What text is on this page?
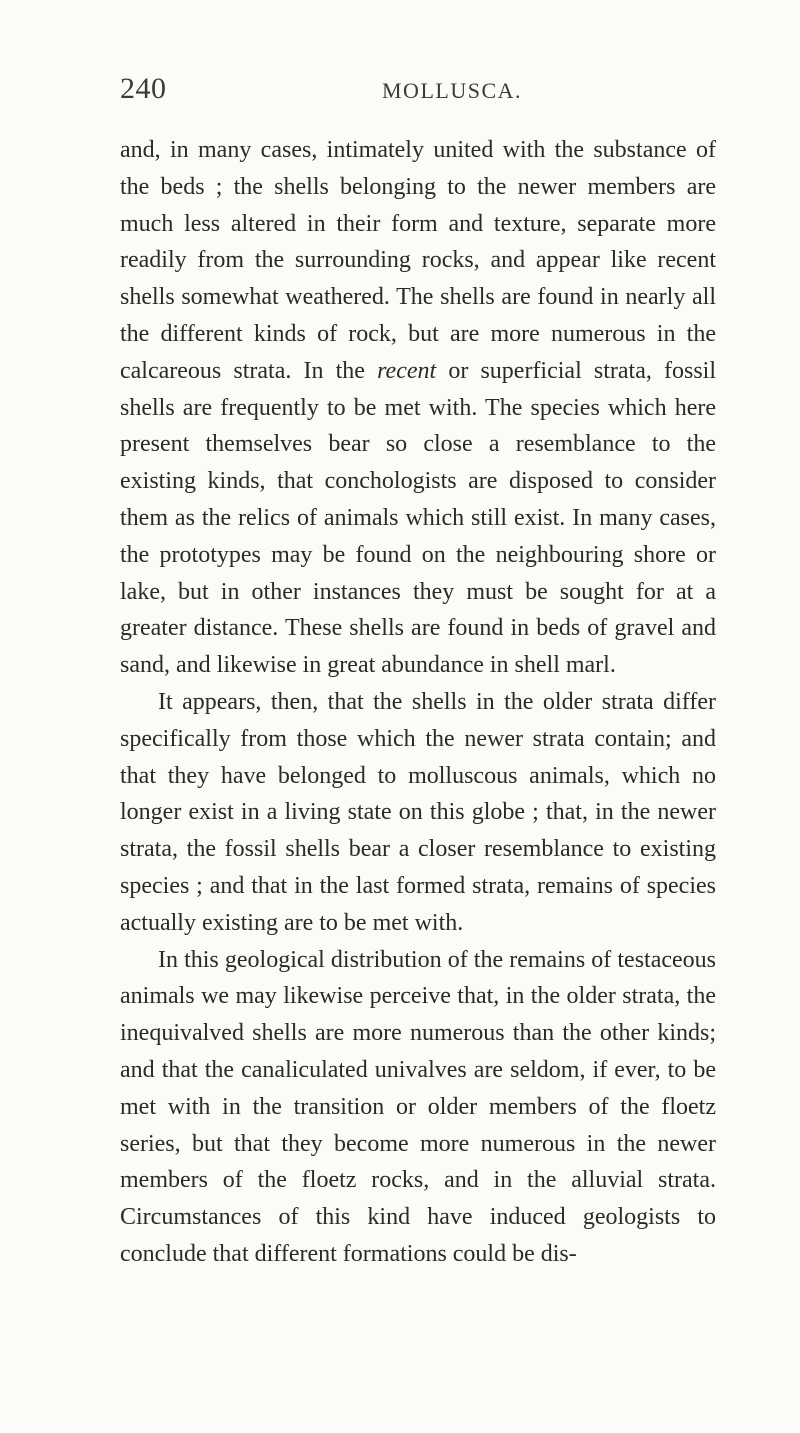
240	MOLLUSCA.

and, in many cases, intimately united with the substance of the beds ; the shells belonging to the newer members are much less altered in their form and texture, separate more readily from the surrounding rocks, and appear like recent shells somewhat weathered. The shells are found in nearly all the different kinds of rock, but are more numerous in the calcareous strata. In the recent or superficial strata, fossil shells are frequently to be met with. The species which here present themselves bear so close a resemblance to the existing kinds, that conchologists are disposed to consider them as the relics of animals which still exist. In many cases, the prototypes may be found on the neighbouring shore or lake, but in other instances they must be sought for at a greater distance. These shells are found in beds of gravel and sand, and likewise in great abundance in shell marl.

It appears, then, that the shells in the older strata differ specifically from those which the newer strata contain; and that they have belonged to molluscous animals, which no longer exist in a living state on this globe ; that, in the newer strata, the fossil shells bear a closer resemblance to existing species ; and that in the last formed strata, remains of species actually existing are to be met with.

In this geological distribution of the remains of testaceous animals we may likewise perceive that, in the older strata, the inequivalved shells are more numerous than the other kinds; and that the canaliculated univalves are seldom, if ever, to be met with in the transition or older members of the floetz series, but that they become more numerous in the newer members of the floetz rocks, and in the alluvial strata. Circumstances of this kind have induced geologists to conclude that different formations could be dis-
